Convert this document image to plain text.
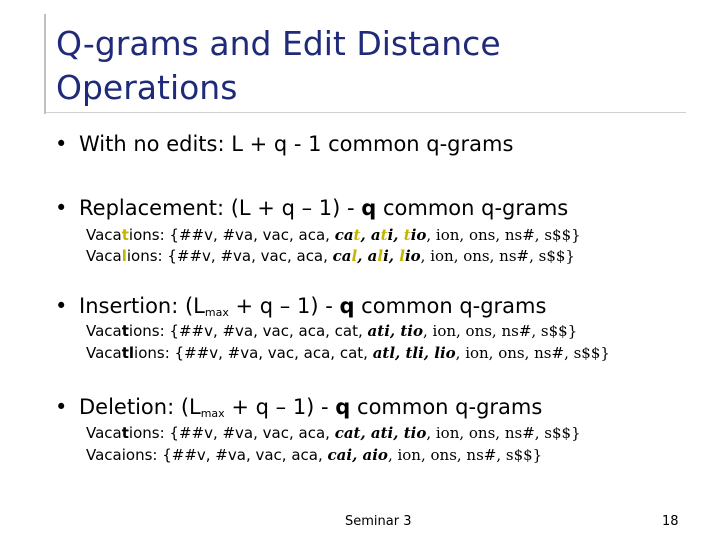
Q-grams and Edit Distance
Operations
• With no edits: L + q - 1 common q-grams
• Replacement: (L + q – 1) - q common q-grams
Vacations: {##v, #va, vac, aca, cat, ati, tio, ion, ons, ns#, s$$}
Vacalions: {##v, #va, vac, aca, cal, ali, lio, ion, ons, ns#, s$$}
• Insertion: (Lmax + q – 1) - q common q-grams
Vacations: {##v, #va, vac, aca, cat, ati, tio, ion, ons, ns#, s$$}
Vacatlions: {##v, #va, vac, aca, cat, atl, tli, lio, ion, ons, ns#, s$$}
• Deletion: (Lmax + q – 1) - q common q-grams
Vacations: {##v, #va, vac, aca, cat, ati, tio, ion, ons, ns#, s$$}
Vacaions: {##v, #va, vac, aca, cai, aio, ion, ons, ns#, s$$}
Seminar 3	18
